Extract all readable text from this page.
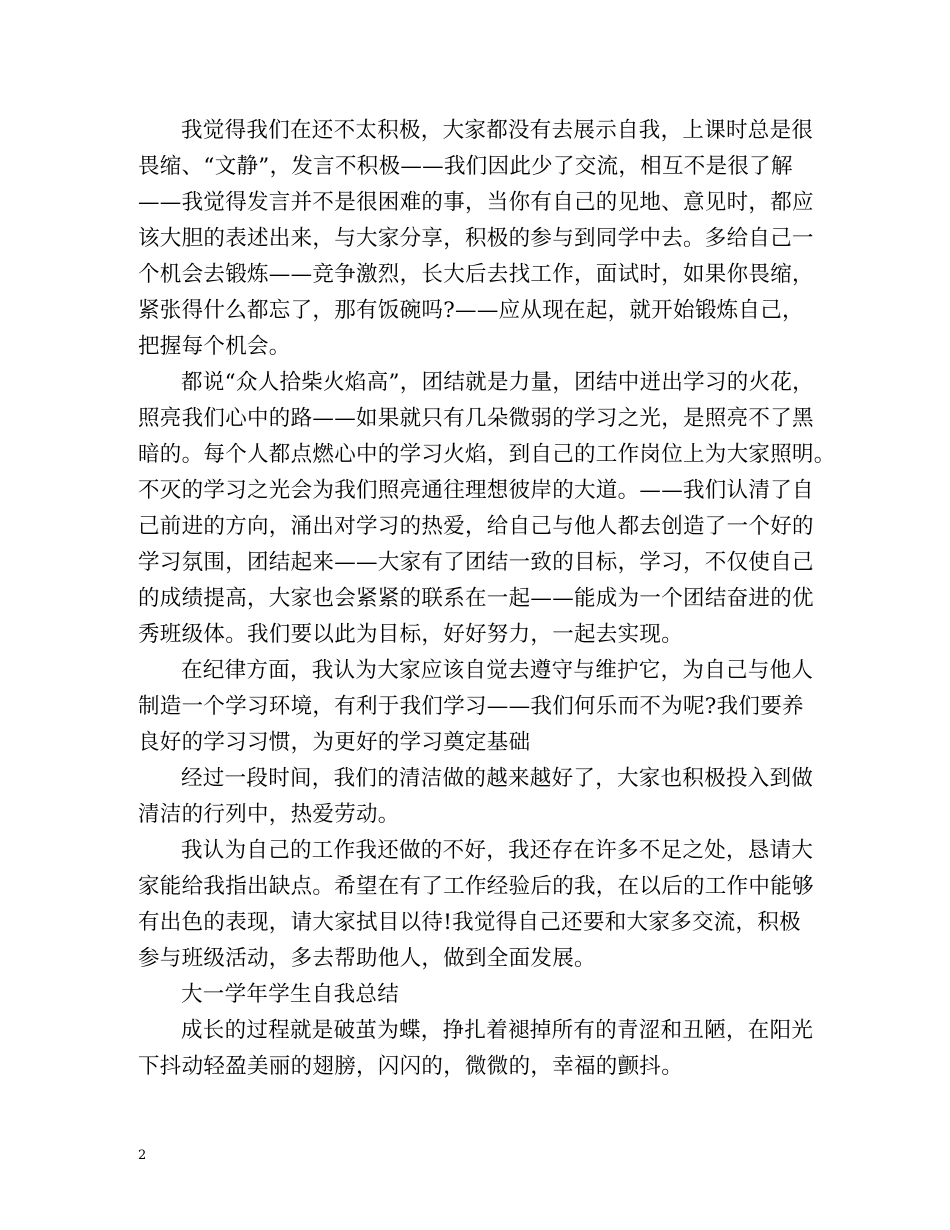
我觉得我们在还不太积极，大家都没有去展示自我，上课时总是很
畏缩、“文静”，发言不积极——我们因此少了交流，相互不是很了解
——我觉得发言并不是很困难的事，当你有自己的见地、意见时，都应
该大胆的表述出来，与大家分享，积极的参与到同学中去。多给自己一
个机会去锻炼——竞争激烈，长大后去找工作，面试时，如果你畏缩，
紧张得什么都忘了，那有饭碗吗?——应从现在起，就开始锻炼自己，
把握每个机会。
都说“众人拾柴火焰高”，团结就是力量，团结中迸出学习的火花，
照亮我们心中的路——如果就只有几朵微弱的学习之光，是照亮不了黑
暗的。每个人都点燃心中的学习火焰，到自己的工作岗位上为大家照明。
不灭的学习之光会为我们照亮通往理想彼岸的大道。——我们认清了自
己前进的方向，涌出对学习的热爱，给自己与他人都去创造了一个好的
学习氛围，团结起来——大家有了团结一致的目标，学习，不仅使自己
的成绩提高，大家也会紧紧的联系在一起——能成为一个团结奋进的优
秀班级体。我们要以此为目标，好好努力，一起去实现。
在纪律方面，我认为大家应该自觉去遵守与维护它，为自己与他人
制造一个学习环境，有利于我们学习——我们何乐而不为呢?我们要养
良好的学习习惯，为更好的学习奠定基础
经过一段时间，我们的清洁做的越来越好了，大家也积极投入到做
清洁的行列中，热爱劳动。
我认为自己的工作我还做的不好，我还存在许多不足之处，恳请大
家能给我指出缺点。希望在有了工作经验后的我，在以后的工作中能够
有出色的表现，请大家拭目以待!我觉得自己还要和大家多交流，积极
参与班级活动，多去帮助他人，做到全面发展。
大一学年学生自我总结
成长的过程就是破茧为蝶，挣扎着褪掉所有的青涩和丑陋，在阳光
下抖动轻盈美丽的翅膀，闪闪的，微微的，幸福的颤抖。
2
